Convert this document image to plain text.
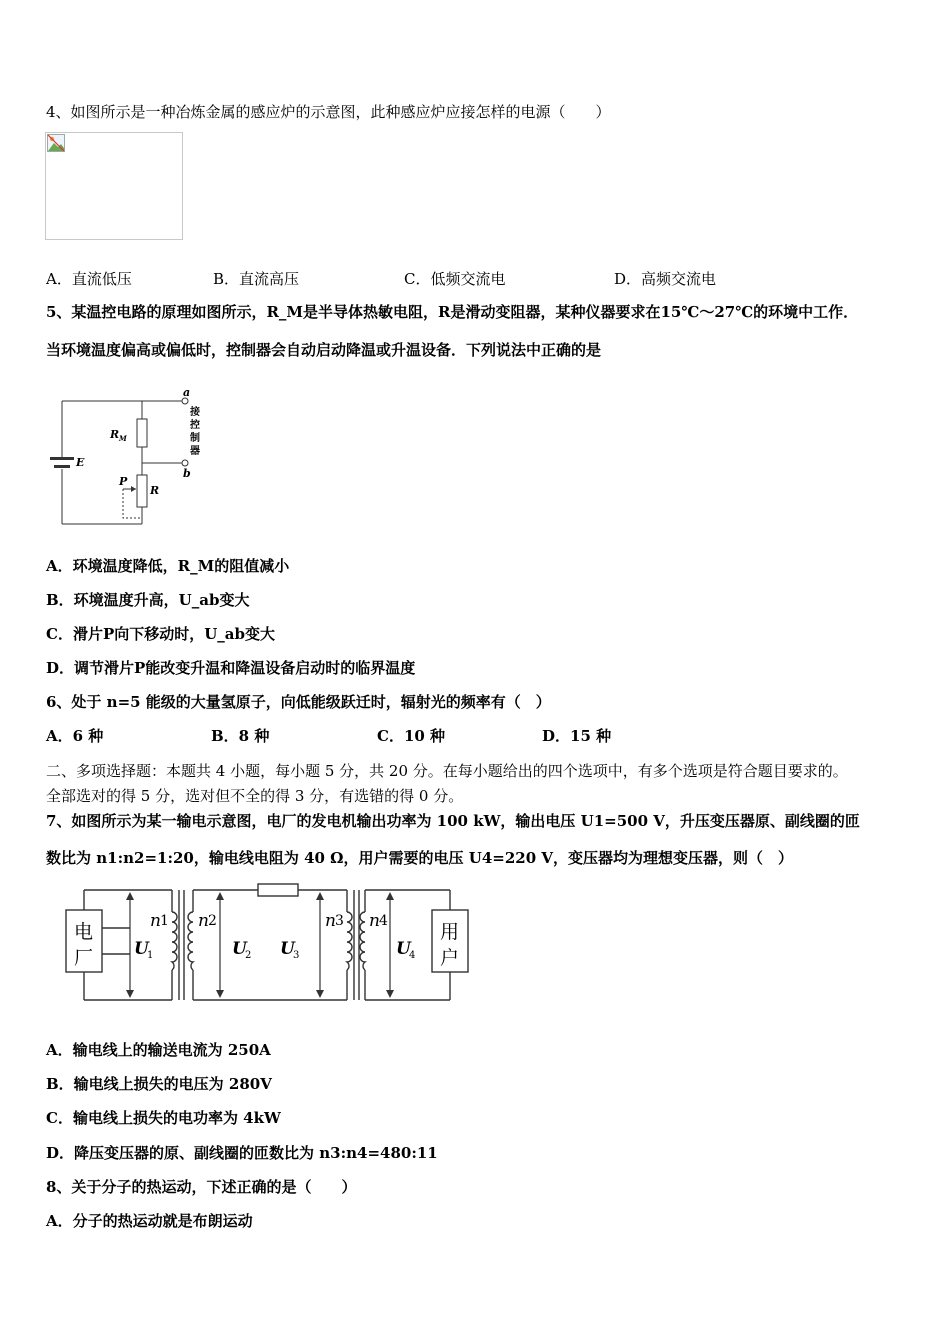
4、如图所示是一种冶炼金属的感应炉的示意图，此种感应炉应接怎样的电源（　　）
A．直流低压	B．直流高压	C．低频交流电	D．高频交流电
5、某温控电路的原理如图所示，R_M是半导体热敏电阻，R是滑动变阻器，某种仪器要求在15℃～27℃的环境中工作．
当环境温度偏高或偏低时，控制器会自动启动降温或升温设备．下列说法中正确的是
a
b
E
R M
R
P
接
控
制
器
A．环境温度降低，R_M的阻值减小
B．环境温度升高，U_ab变大
C．滑片P向下移动时，U_ab变大
D．调节滑片P能改变升温和降温设备启动时的临界温度
6、处于 n=5 能级的大量氢原子，向低能级跃迁时，辐射光的频率有（　）
A．6 种	B．8 种	C．10 种	D．15 种
二、多项选择题：本题共 4 小题，每小题 5 分，共 20 分。在每小题给出的四个选项中，有多个选项是符合题目要求的。
全部选对的得 5 分，选对但不全的得 3 分，有选错的得 0 分。
7、如图所示为某一输电示意图，电厂的发电机输出功率为 100 kW，输出电压 U1=500 V，升压变压器原、副线圈的匝
数比为 n1:n2=1:20，输电线电阻为 40 Ω，用户需要的电压 U4=220 V，变压器均为理想变压器，则（　）
电
厂
用
户
U	U U	U
1	2	3	4
n n	n n
1	2	3	4
A．输电线上的输送电流为 250A
B．输电线上损失的电压为 280V
C．输电线上损失的电功率为 4kW
D．降压变压器的原、副线圈的匝数比为 n3:n4=480:11
8、关于分子的热运动，下述正确的是（　　）
A．分子的热运动就是布朗运动
